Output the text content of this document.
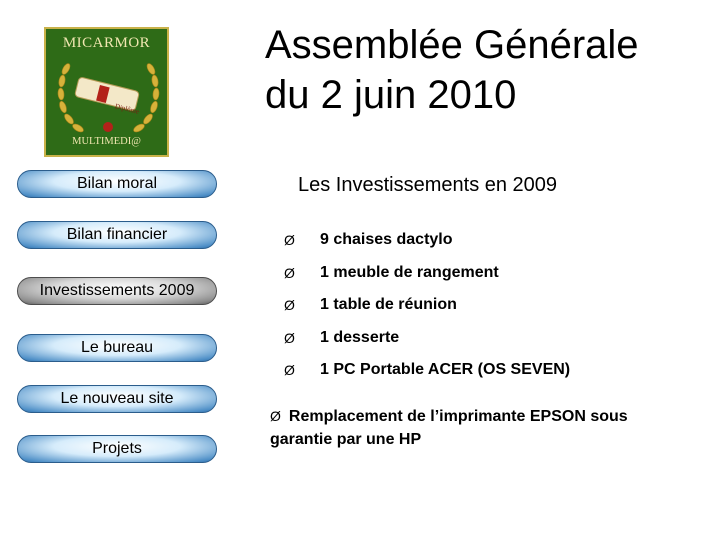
MICARMOR
Diplôme
MULTIMEDI@
Assemblée Générale
du 2 juin 2010
Bilan moral
Bilan financier
Investissements 2009
Le bureau
Le nouveau site
Projets
Les Investissements en 2009
Ø	9 chaises dactylo
Ø	1 meuble de rangement
Ø	1 table de réunion
Ø	1 desserte
Ø	1 PC Portable ACER (OS SEVEN)
Ø Remplacement de l’imprimante EPSON sous garantie par une HP
